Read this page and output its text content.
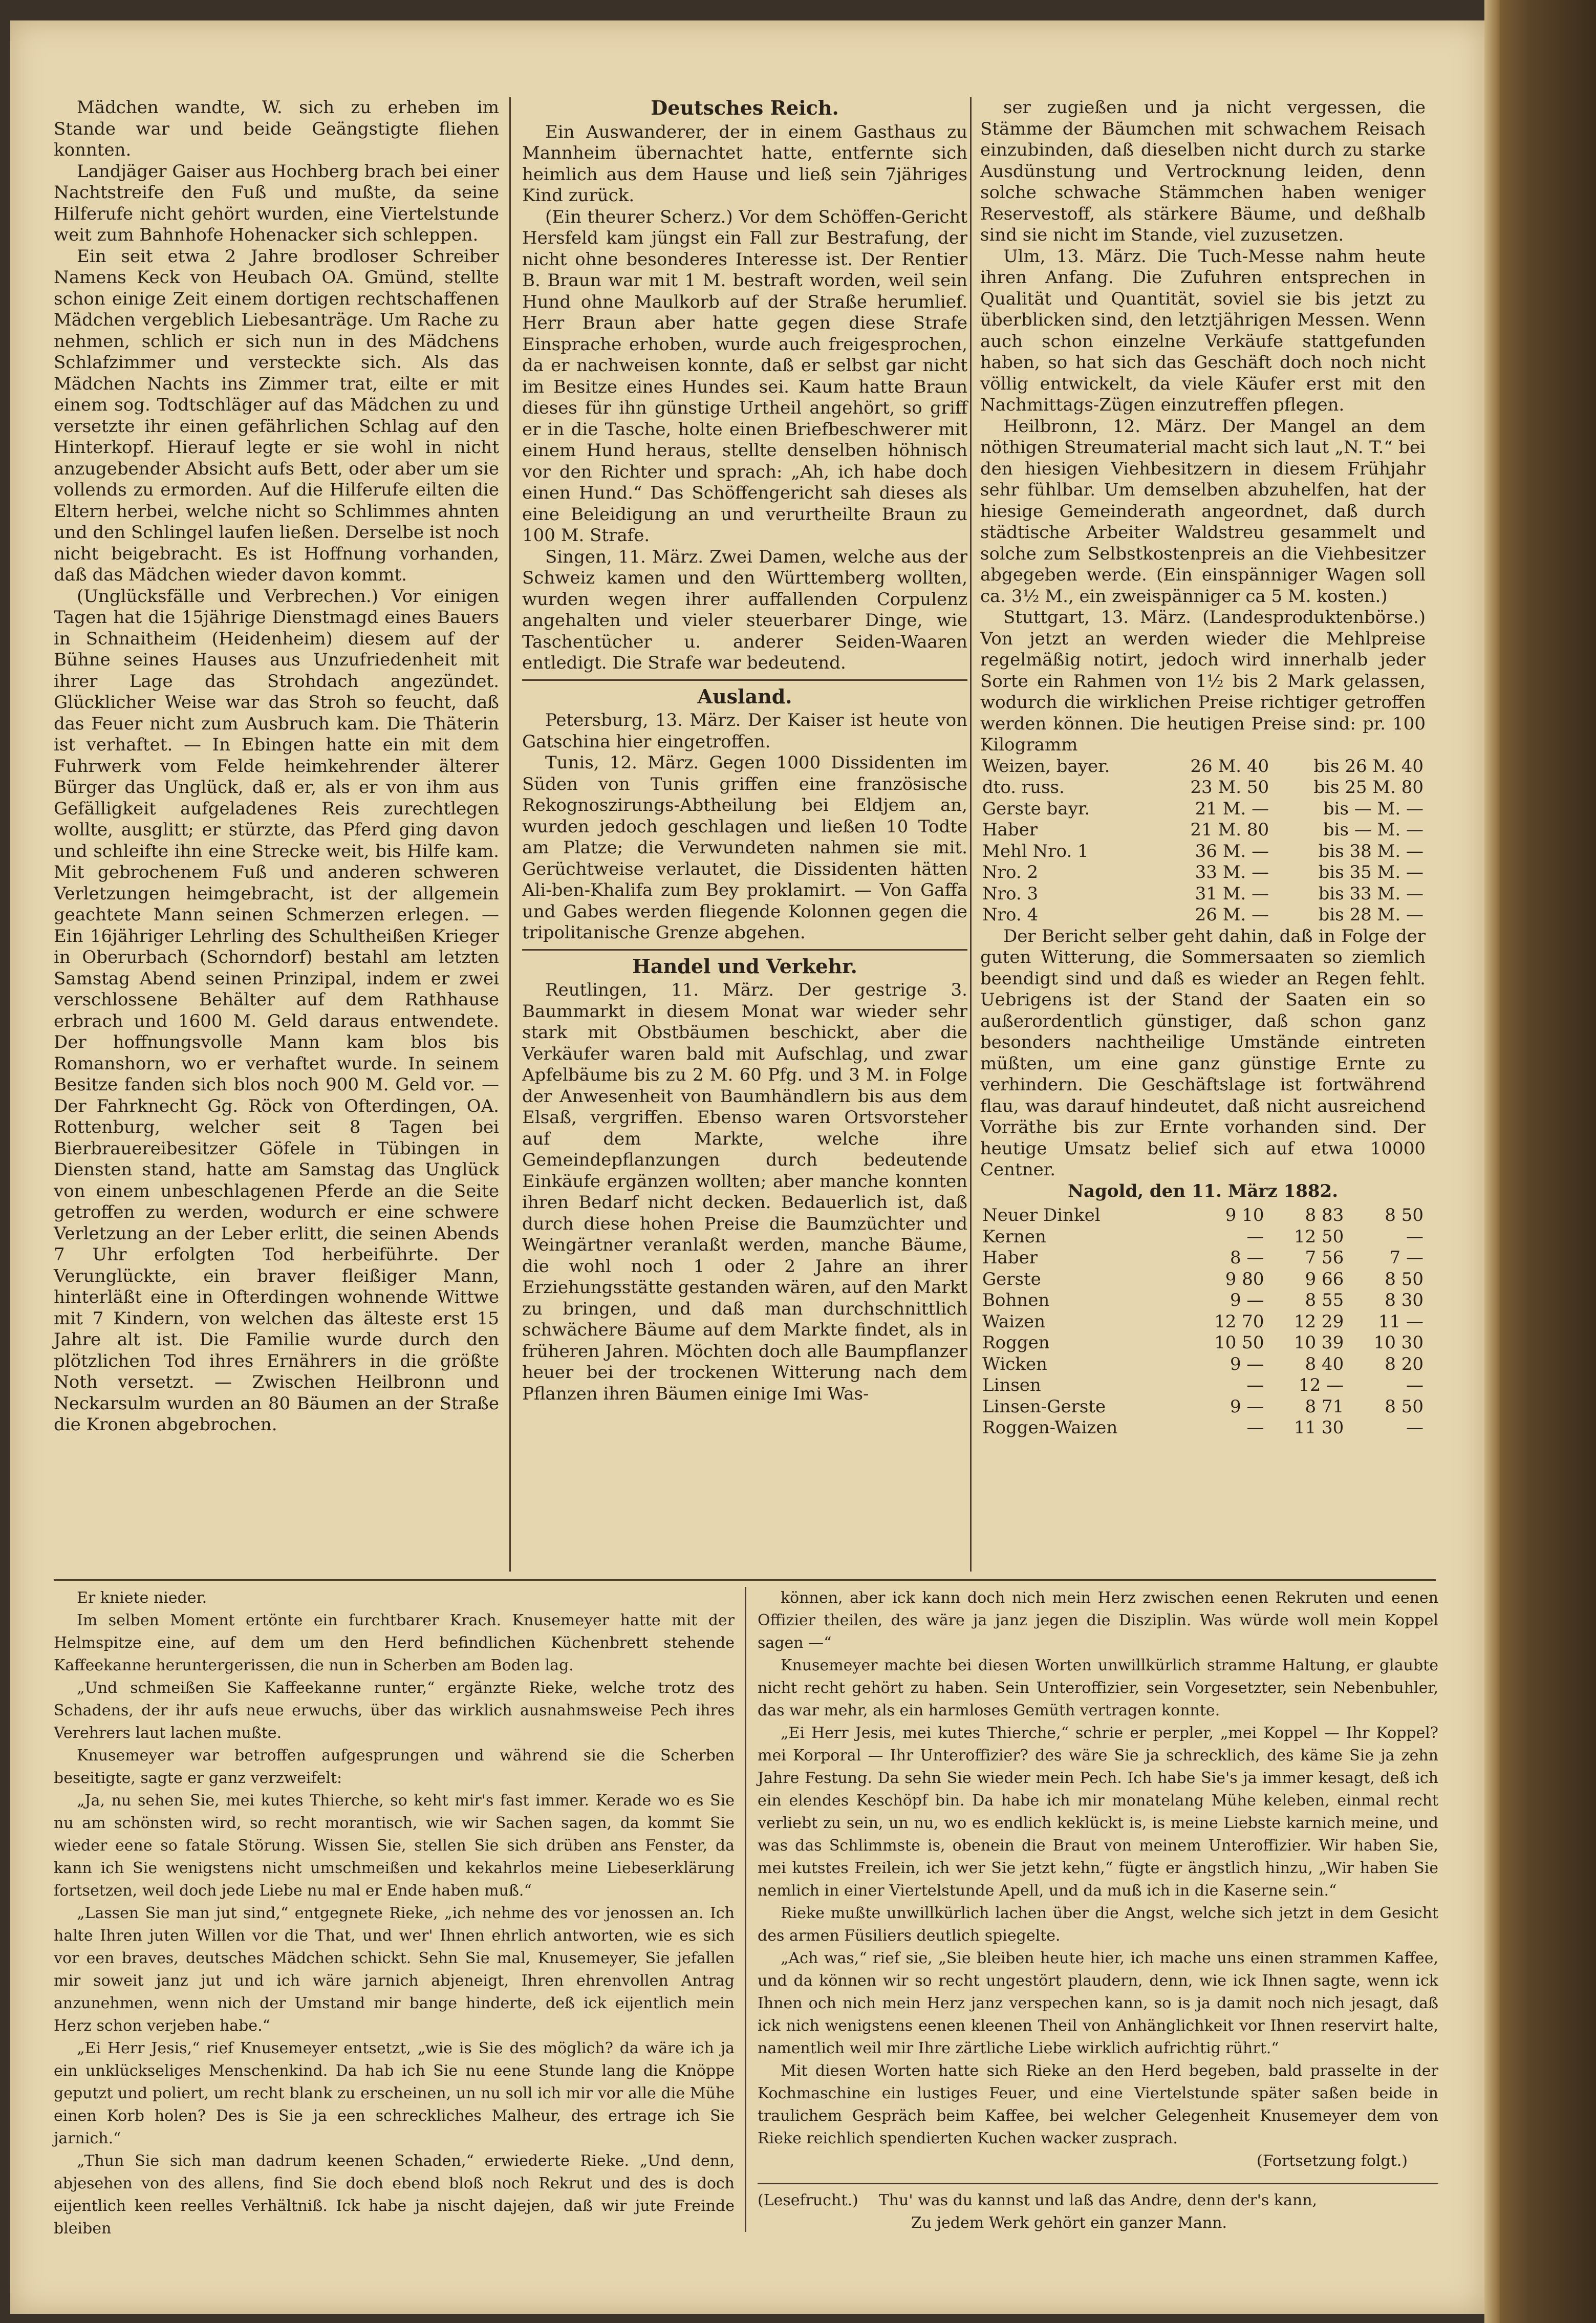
Mädchen wandte, W. sich zu erheben im Stande war und beide Geängstigte fliehen konnten.

Landjäger Gaiser aus Hochberg brach bei einer Nachtstreife den Fuß und mußte, da seine Hilferufe nicht gehört wurden, eine Viertelstunde weit zum Bahnhofe Hohenacker sich schleppen.

Ein seit etwa 2 Jahre brodloser Schreiber Namens Keck von Heubach OA. Gmünd, stellte schon einige Zeit einem dortigen rechtschaffenen Mädchen vergeblich Liebesanträge. Um Rache zu nehmen, schlich er sich nun in des Mädchens Schlafzimmer und versteckte sich. Als das Mädchen Nachts ins Zimmer trat, eilte er mit einem sog. Todtschläger auf das Mädchen zu und versetzte ihr einen gefährlichen Schlag auf den Hinterkopf. Hierauf legte er sie wohl in nicht anzugebender Absicht aufs Bett, oder aber um sie vollends zu ermorden. Auf die Hilferufe eilten die Eltern herbei, welche nicht so Schlimmes ahnten und den Schlingel laufen ließen. Derselbe ist noch nicht beigebracht. Es ist Hoffnung vorhanden, daß das Mädchen wieder davon kommt.

(Unglücksfälle und Verbrechen.) Vor einigen Tagen hat die 15jährige Dienstmagd eines Bauers in Schnaitheim (Heidenheim) diesem auf der Bühne seines Hauses aus Unzufriedenheit mit ihrer Lage das Strohdach angezündet. Glücklicher Weise war das Stroh so feucht, daß das Feuer nicht zum Ausbruch kam. Die Thäterin ist verhaftet. — In Ebingen hatte ein mit dem Fuhrwerk vom Felde heimkehrender älterer Bürger das Unglück, daß er, als er von ihm aus Gefälligkeit aufgeladenes Reis zurechtlegen wollte, ausglitt; er stürzte, das Pferd ging davon und schleifte ihn eine Strecke weit, bis Hilfe kam. Mit gebrochenem Fuß und anderen schweren Verletzungen heimgebracht, ist der allgemein geachtete Mann seinen Schmerzen erlegen. — Ein 16jähriger Lehrling des Schultheißen Krieger in Oberurbach (Schorndorf) bestahl am letzten Samstag Abend seinen Prinzipal, indem er zwei verschlossene Behälter auf dem Rathhause erbrach und 1600 M. Geld daraus entwendete. Der hoffnungsvolle Mann kam blos bis Romanshorn, wo er verhaftet wurde. In seinem Besitze fanden sich blos noch 900 M. Geld vor. — Der Fahrknecht Gg. Röck von Ofterdingen, OA. Rottenburg, welcher seit 8 Tagen bei Bierbrauereibesitzer Göfele in Tübingen in Diensten stand, hatte am Samstag das Unglück von einem unbeschlagenen Pferde an die Seite getroffen zu werden, wodurch er eine schwere Verletzung an der Leber erlitt, die seinen Abends 7 Uhr erfolgten Tod herbeiführte. Der Verunglückte, ein braver fleißiger Mann, hinterläßt eine in Ofterdingen wohnende Wittwe mit 7 Kindern, von welchen das älteste erst 15 Jahre alt ist. Die Familie wurde durch den plötzlichen Tod ihres Ernährers in die größte Noth versetzt. — Zwischen Heilbronn und Neckarsulm wurden an 80 Bäumen an der Straße die Kronen abgebrochen.

Deutsches Reich.

Ein Auswanderer, der in einem Gasthaus zu Mannheim übernachtet hatte, entfernte sich heimlich aus dem Hause und ließ sein 7jähriges Kind zurück.

(Ein theurer Scherz.) Vor dem Schöffen-Gericht Hersfeld kam jüngst ein Fall zur Bestrafung, der nicht ohne besonderes Interesse ist. Der Rentier B. Braun war mit 1 M. bestraft worden, weil sein Hund ohne Maulkorb auf der Straße herumlief. Herr Braun aber hatte gegen diese Strafe Einsprache erhoben, wurde auch freigesprochen, da er nachweisen konnte, daß er selbst gar nicht im Besitze eines Hundes sei. Kaum hatte Braun dieses für ihn günstige Urtheil angehört, so griff er in die Tasche, holte einen Briefbeschwerer mit einem Hund heraus, stellte denselben höhnisch vor den Richter und sprach: „Ah, ich habe doch einen Hund.“ Das Schöffengericht sah dieses als eine Beleidigung an und verurtheilte Braun zu 100 M. Strafe.

Singen, 11. März. Zwei Damen, welche aus der Schweiz kamen und den Württemberg wollten, wurden wegen ihrer auffallenden Corpulenz angehalten und vieler steuerbarer Dinge, wie Taschentücher u. anderer Seiden-Waaren entledigt. Die Strafe war bedeutend.

Ausland.

Petersburg, 13. März. Der Kaiser ist heute von Gatschina hier eingetroffen.

Tunis, 12. März. Gegen 1000 Dissidenten im Süden von Tunis griffen eine französische Rekognoszirungs-Abtheilung bei Eldjem an, wurden jedoch geschlagen und ließen 10 Todte am Platze; die Verwundeten nahmen sie mit. Gerüchtweise verlautet, die Dissidenten hätten Ali-ben-Khalifa zum Bey proklamirt. — Von Gaffa und Gabes werden fliegende Kolonnen gegen die tripolitanische Grenze abgehen.

Handel und Verkehr.

Reutlingen, 11. März. Der gestrige 3. Baummarkt in diesem Monat war wieder sehr stark mit Obstbäumen beschickt, aber die Verkäufer waren bald mit Aufschlag, und zwar Apfelbäume bis zu 2 M. 60 Pfg. und 3 M. in Folge der Anwesenheit von Baumhändlern bis aus dem Elsaß, vergriffen. Ebenso waren Ortsvorsteher auf dem Markte, welche ihre Gemeindepflanzungen durch bedeutende Einkäufe ergänzen wollten; aber manche konnten ihren Bedarf nicht decken. Bedauerlich ist, daß durch diese hohen Preise die Baumzüchter und Weingärtner veranlaßt werden, manche Bäume, die wohl noch 1 oder 2 Jahre an ihrer Erziehungsstätte gestanden wären, auf den Markt zu bringen, und daß man durchschnittlich schwächere Bäume auf dem Markte findet, als in früheren Jahren. Möchten doch alle Baumpflanzer heuer bei der trockenen Witterung nach dem Pflanzen ihren Bäumen einige Imi Was-

ser zugießen und ja nicht vergessen, die Stämme der Bäumchen mit schwachem Reisach einzubinden, daß dieselben nicht durch zu starke Ausdünstung und Vertrocknung leiden, denn solche schwache Stämmchen haben weniger Reservestoff, als stärkere Bäume, und deßhalb sind sie nicht im Stande, viel zuzusetzen.

Ulm, 13. März. Die Tuch-Messe nahm heute ihren Anfang. Die Zufuhren entsprechen in Qualität und Quantität, soviel sie bis jetzt zu überblicken sind, den letztjährigen Messen. Wenn auch schon einzelne Verkäufe stattgefunden haben, so hat sich das Geschäft doch noch nicht völlig entwickelt, da viele Käufer erst mit den Nachmittags-Zügen einzutreffen pflegen.

Heilbronn, 12. März. Der Mangel an dem nöthigen Streumaterial macht sich laut „N. T.“ bei den hiesigen Viehbesitzern in diesem Frühjahr sehr fühlbar. Um demselben abzuhelfen, hat der hiesige Gemeinderath angeordnet, daß durch städtische Arbeiter Waldstreu gesammelt und solche zum Selbstkostenpreis an die Viehbesitzer abgegeben werde. (Ein einspänniger Wagen soll ca. 3½ M., ein zweispänniger ca 5 M. kosten.)

Stuttgart, 13. März. (Landesproduktenbörse.) Von jetzt an werden wieder die Mehlpreise regelmäßig notirt, jedoch wird innerhalb jeder Sorte ein Rahmen von 1½ bis 2 Mark gelassen, wodurch die wirklichen Preise richtiger getroffen werden können. Die heutigen Preise sind: pr. 100 Kilogramm

Weizen, bayer.	26 M. 40	bis 26 M. 40
dto. russ.	23 M. 50	bis 25 M. 80
Gerste bayr.	21 M. —	bis — M. —
Haber	21 M. 80	bis — M. —
Mehl Nro. 1	36 M. —	bis 38 M. —
Nro. 2	33 M. —	bis 35 M. —
Nro. 3	31 M. —	bis 33 M. —
Nro. 4	26 M. —	bis 28 M. —

Der Bericht selber geht dahin, daß in Folge der guten Witterung, die Sommersaaten so ziemlich beendigt sind und daß es wieder an Regen fehlt. Uebrigens ist der Stand der Saaten ein so außerordentlich günstiger, daß schon ganz besonders nachtheilige Umstände eintreten müßten, um eine ganz günstige Ernte zu verhindern. Die Geschäftslage ist fortwährend flau, was darauf hindeutet, daß nicht ausreichend Vorräthe bis zur Ernte vorhanden sind. Der heutige Umsatz belief sich auf etwa 10000 Centner.

Nagold, den 11. März 1882.
Neuer Dinkel	9 10	8 83	8 50
Kernen	—	12 50	—
Haber	8 —	7 56	7 —
Gerste	9 80	9 66	8 50
Bohnen	9 —	8 55	8 30
Waizen	12 70	12 29	11 —
Roggen	10 50	10 39	10 30
Wicken	9 —	8 40	8 20
Linsen	—	12 —	—
Linsen-Gerste	9 —	8 71	8 50
Roggen-Waizen	—	11 30	—

Er kniete nieder.

Im selben Moment ertönte ein furchtbarer Krach. Knusemeyer hatte mit der Helmspitze eine, auf dem um den Herd befindlichen Küchenbrett stehende Kaffeekanne heruntergerissen, die nun in Scherben am Boden lag.

„Und schmeißen Sie Kaffeekanne runter,“ ergänzte Rieke, welche trotz des Schadens, der ihr aufs neue erwuchs, über das wirklich ausnahmsweise Pech ihres Verehrers laut lachen mußte.

Knusemeyer war betroffen aufgesprungen und während sie die Scherben beseitigte, sagte er ganz verzweifelt:

„Ja, nu sehen Sie, mei kutes Thierche, so keht mir's fast immer. Kerade wo es Sie nu am schönsten wird, so recht morantisch, wie wir Sachen sagen, da kommt Sie wieder eene so fatale Störung. Wissen Sie, stellen Sie sich drüben ans Fenster, da kann ich Sie wenigstens nicht umschmeißen und kekahrlos meine Liebeserklärung fortsetzen, weil doch jede Liebe nu mal er Ende haben muß.“

„Lassen Sie man jut sind,“ entgegnete Rieke, „ich nehme des vor jenossen an. Ich halte Ihren juten Willen vor die That, und wer' Ihnen ehrlich antworten, wie es sich vor een braves, deutsches Mädchen schickt. Sehn Sie mal, Knusemeyer, Sie jefallen mir soweit janz jut und ich wäre jarnich abjeneigt, Ihren ehrenvollen Antrag anzunehmen, wenn nich der Umstand mir bange hinderte, deß ick eijentlich mein Herz schon verjeben habe.“

„Ei Herr Jesis,“ rief Knusemeyer entsetzt, „wie is Sie des möglich? da wäre ich ja ein unklückseliges Menschenkind. Da hab ich Sie nu eene Stunde lang die Knöppe geputzt und poliert, um recht blank zu erscheinen, un nu soll ich mir vor alle die Mühe einen Korb holen? Des is Sie ja een schreckliches Malheur, des ertrage ich Sie jarnich.“

„Thun Sie sich man dadrum keenen Schaden,“ erwiederte Rieke. „Und denn, abjesehen von des allens, find Sie doch ebend bloß noch Rekrut und des is doch eijentlich keen reelles Verhältniß. Ick habe ja nischt dajejen, daß wir jute Freinde bleiben

können, aber ick kann doch nich mein Herz zwischen eenen Rekruten und eenen Offizier theilen, des wäre ja janz jegen die Disziplin. Was würde woll mein Koppel sagen —“

Knusemeyer machte bei diesen Worten unwillkürlich stramme Haltung, er glaubte nicht recht gehört zu haben. Sein Unteroffizier, sein Vorgesetzter, sein Nebenbuhler, das war mehr, als ein harmloses Gemüth vertragen konnte.

„Ei Herr Jesis, mei kutes Thierche,“ schrie er perpler, „mei Koppel — Ihr Koppel? mei Korporal — Ihr Unteroffizier? des wäre Sie ja schrecklich, des käme Sie ja zehn Jahre Festung. Da sehn Sie wieder mein Pech. Ich habe Sie's ja immer kesagt, deß ich ein elendes Keschöpf bin. Da habe ich mir monatelang Mühe keleben, einmal recht verliebt zu sein, un nu, wo es endlich keklückt is, is meine Liebste karnich meine, und was das Schlimmste is, obenein die Braut von meinem Unteroffizier. Wir haben Sie, mei kutstes Freilein, ich wer Sie jetzt kehn,“ fügte er ängstlich hinzu, „Wir haben Sie nemlich in einer Viertelstunde Apell, und da muß ich in die Kaserne sein.“

Rieke mußte unwillkürlich lachen über die Angst, welche sich jetzt in dem Gesicht des armen Füsiliers deutlich spiegelte.

„Ach was,“ rief sie, „Sie bleiben heute hier, ich mache uns einen strammen Kaffee, und da können wir so recht ungestört plaudern, denn, wie ick Ihnen sagte, wenn ick Ihnen och nich mein Herz janz verspechen kann, so is ja damit noch nich jesagt, daß ick nich wenigstens eenen kleenen Theil von Anhänglichkeit vor Ihnen reservirt halte, namentlich weil mir Ihre zärtliche Liebe wirklich aufrichtig rührt.“

Mit diesen Worten hatte sich Rieke an den Herd begeben, bald prasselte in der Kochmaschine ein lustiges Feuer, und eine Viertelstunde später saßen beide in traulichem Gespräch beim Kaffee, bei welcher Gelegenheit Knusemeyer dem von Rieke reichlich spendierten Kuchen wacker zusprach.

(Fortsetzung folgt.)

(Lesefrucht.) Thu' was du kannst und laß das Andre, denn der's kann,
Zu jedem Werk gehört ein ganzer Mann.
